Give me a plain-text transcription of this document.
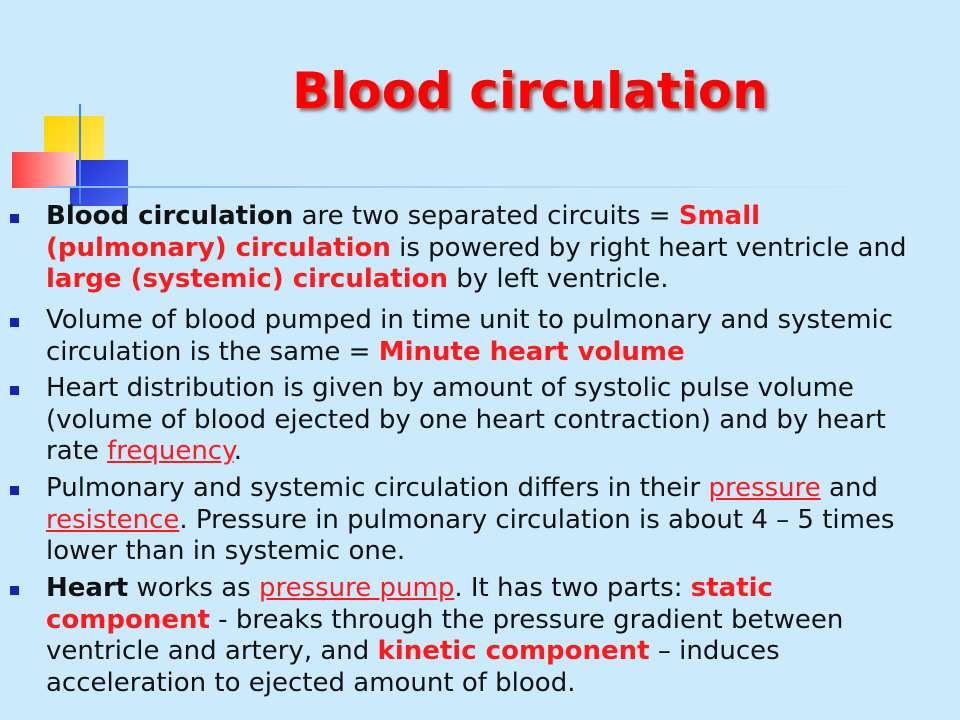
Blood circulation
Blood circulation are two separated circuits = Small (pulmonary) circulation is powered by right heart ventricle and large (systemic) circulation by left ventricle.
Volume of blood pumped in time unit to pulmonary and systemic circulation is the same = Minute heart volume
Heart distribution is given by amount of systolic pulse volume (volume of blood ejected by one heart contraction) and by heart rate frequency.
Pulmonary and systemic circulation differs in their pressure and resistence. Pressure in pulmonary circulation is about 4 – 5 times lower than in systemic one.
Heart works as pressure pump. It has two parts: static component - breaks through the pressure gradient between ventricle and artery, and kinetic component – induces acceleration to ejected amount of blood.
